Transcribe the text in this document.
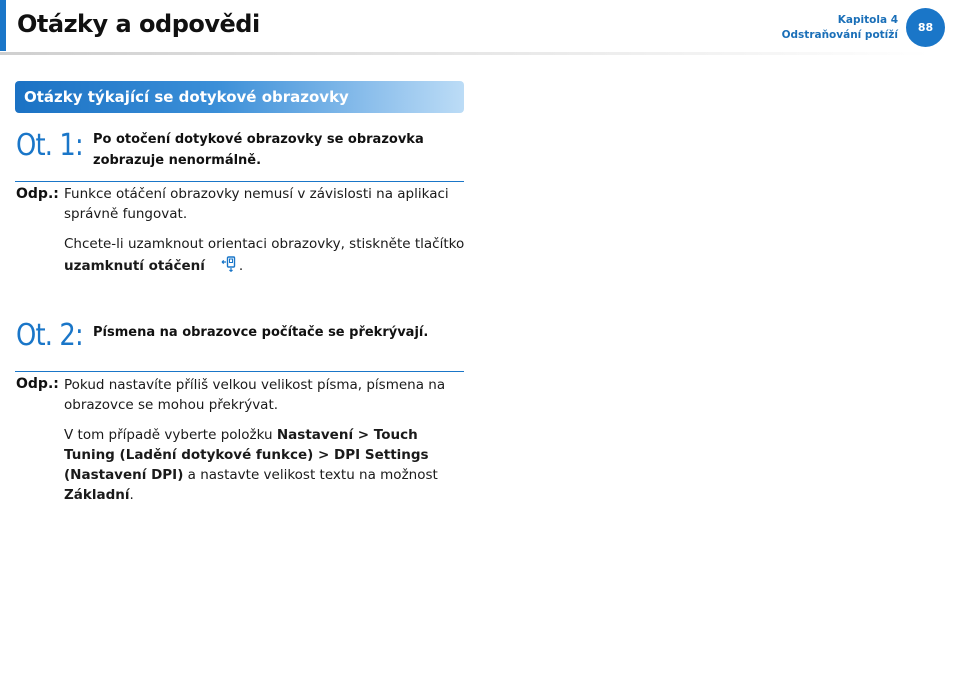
Otázky a odpovědi	Kapitola 4
Odstraňování potíží
88
Otázky týkající se dotykové obrazovky
Ot. 1: Po otočení dotykové obrazovky se obrazovka
zobrazuje nenormálně.
Odp.: Funkce otáčení obrazovky nemusí v závislosti na aplikaci správně fungovat.
Chcete-li uzamknout orientaci obrazovky, stiskněte tlačítko
uzamknutí otáčení	.
Ot. 2: Písmena na obrazovce počítače se překrývají.
Odp.: Pokud nastavíte příliš velkou velikost písma, písmena na obrazovce se mohou překrývat.
V tom případě vyberte položku Nastavení > Touch Tuning (Ladění dotykové funkce) > DPI Settings (Nastavení DPI) a nastavte velikost textu na možnost Základní.
